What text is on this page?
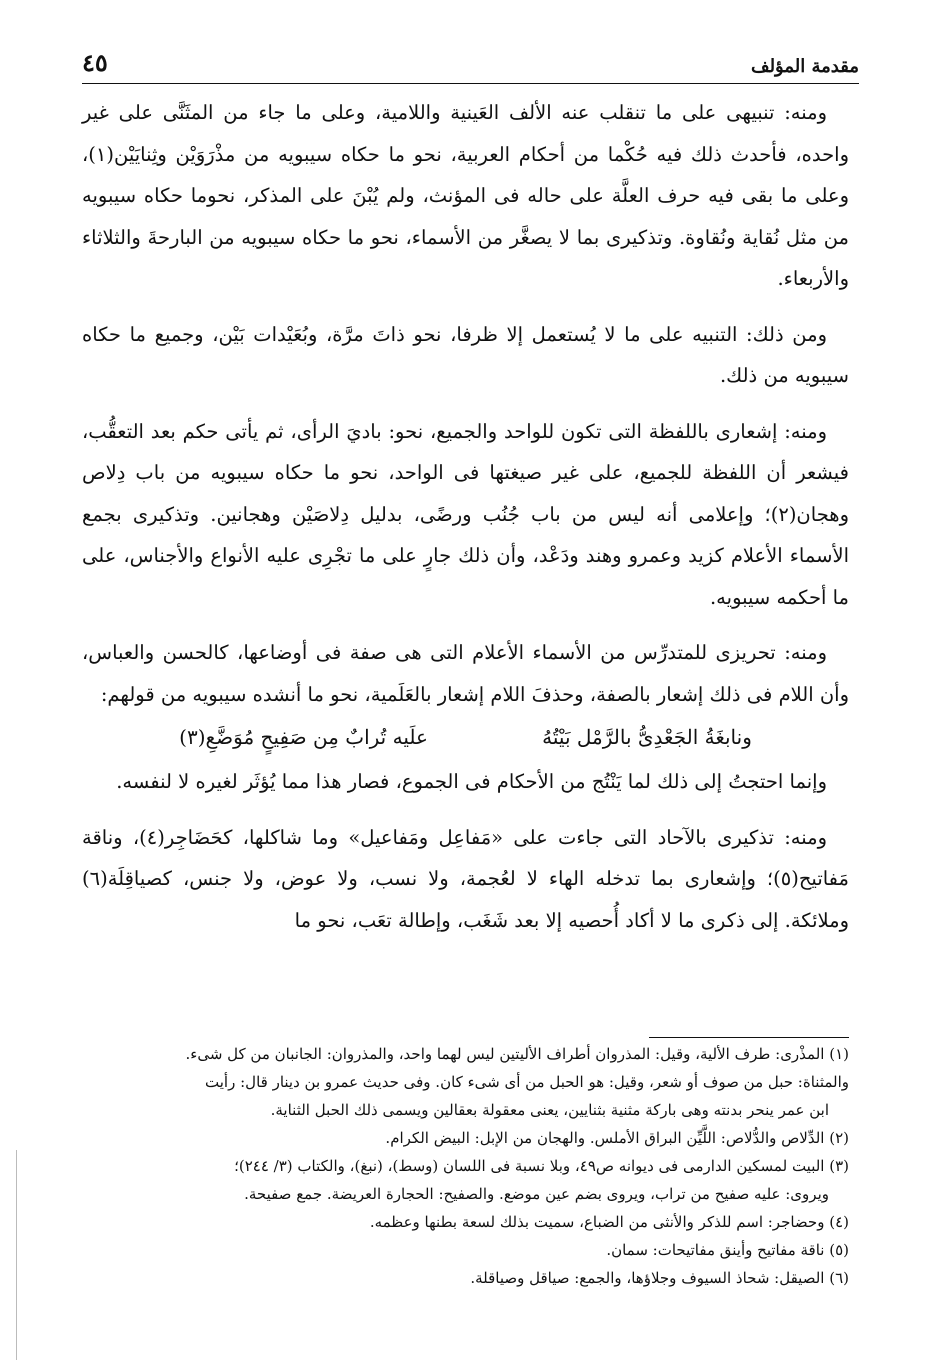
مقدمة المؤلف
٤٥

ومنه: تنبيهى على ما تنقلب عنه الألف العَينية واللامية، وعلى ما جاء من المثَنَّى على غير واحده، فأحدث ذلك فيه حُكْما من أحكام العربية، نحو ما حكاه سيبويه من مذْرَوَيْن وثِنايَيْن(١)، وعلى ما بقى فيه حرف العلَّة على حاله فى المؤنث، ولم يُبْنَ على المذكر، نحوما حكاه سيبويه من مثل نُقاية ونُقاوة. وتذكيرى بما لا يصغَّر من الأسماء، نحو ما حكاه سيبويه من البارحةَ والثلاثاء والأربعاء.

ومن ذلك: التنبيه على ما لا يُستعمل إلا ظرفا، نحو ذاتَ مرَّة، وبُعَيْدات بَيْن، وجميع ما حكاه سيبويه من ذلك.

ومنه: إشعارى باللفظة التى تكون للواحد والجميع، نحو: باديَ الرأى، ثم يأتى حكم بعد التعقُّب، فيشعر أن اللفظة للجميع، على غير صيغتها فى الواحد، نحو ما حكاه سيبويه من باب دِلاص وهجان(٢)؛ وإعلامى أنه ليس من باب جُنُب ورضًى، بدليل دِلاصَيْن وهجانين. وتذكيرى بجمع الأسماء الأعلام كزيد وعمرو وهند ودَعْد، وأن ذلك جارٍ على ما تجْرِى عليه الأنواع والأجناس، على ما أحكمه سيبويه.

ومنه: تحريزى للمتدرِّس من الأسماء الأعلام التى هى صفة فى أوضاعها، كالحسن والعباس، وأن اللام فى ذلك إشعار بالصفة، وحذفَ اللام إشعار بالعَلَمية، نحو ما أنشده سيبويه من قولهم:

ونابغَةُ الجَعْدِىُّ بالرَّمْل بَيْتُهُ
علَيه تُرابٌ مِن صَفِيحٍ مُوَضَّعِ(٣)

وإنما احتجتُ إلى ذلك لما يَنْتُج من الأحكام فى الجموع، فصار هذا مما يُؤثَر لغيره لا لنفسه.

ومنه: تذكيرى بالآحاد التى جاءت على «مَفاعِل ومَفاعيل» وما شاكلها، كحَضَاجِر(٤)، وناقة مَفاتيح(٥)؛ وإشعارى بما تدخله الهاء لا لعُجمة، ولا نسب، ولا عوض، ولا جنس، كصياقِلَة(٦) وملائكة. إلى ذكرى ما لا أكاد أُحصيه إلا بعد شَغَب، وإطالة تعَب، نحو ما

(١) المذْرى: طرف الألية، وقيل: المذروان أطراف الأليتين ليس لهما واحد، والمذروان: الجانبان من كل شىء.

والمثناة: حبل من صوف أو شعر، وقيل: هو الحبل من أى شىء كان. وفى حديث عمرو بن دينار قال: رأيت

ابن عمر ينحر بدنته وهى باركة مثنية بثنايين، يعنى معقولة بعقالين ويسمى ذلك الحبل الثناية.

(٢) الدِّلاص والدُّلاص: اللَّيِّن البراق الأملس. والهجان من الإبل: البيض الكرام.

(٣) البيت لمسكين الدارمى فى ديوانه ص٤٩، وبلا نسبة فى اللسان (وسط)، (نبغ)، والكتاب (٣/ ٢٤٤)؛

ويروى: عليه صفيح من تراب، ويروى بضم عين موضع. والصفيح: الحجارة العريضة. جمع صفيحة.

(٤) وحضاجر: اسم للذكر والأنثى من الضباع، سميت بذلك لسعة بطنها وعظمه.

(٥) ناقة مفاتيح وأينق مفاتيحات: سمان.

(٦) الصيقل: شحاذ السيوف وجلاؤها، والجمع: صياقل وصياقلة.
